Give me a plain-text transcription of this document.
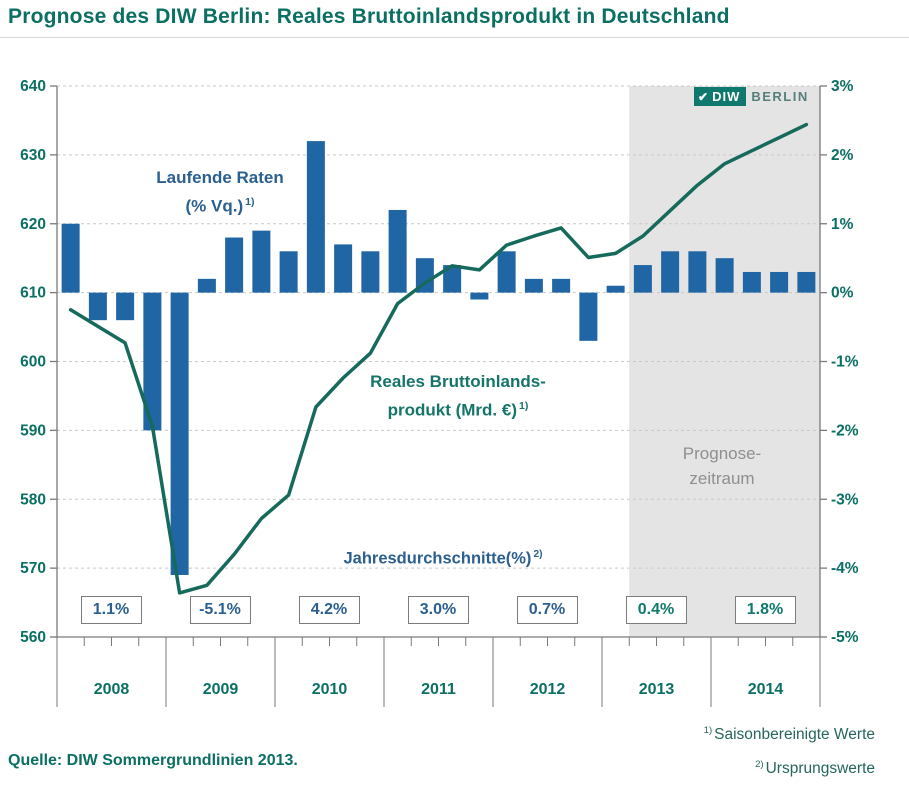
Prognose des DIW Berlin: Reales Bruttoinlandsprodukt in Deutschland
640
630
620
610
600
590
580
570
560
3%
2%
1%
0%
-1%
-2%
-3%
-4%
-5%
2008	2009	2010	2011	2012	2013	2014
✔ DIW BERLIN
Laufende Raten
(% Vq.) $^{1)}$
Reales Bruttoinlands-
produkt (Mrd. €) $^{1)}$
Jahresdurchschnitte(%) $^{2)}$
Prognose-
zeitraum
1.1%	-5.1%	4.2%	3.0%	0.7%	0.4%	1.8%
Quelle: DIW Sommergrundlinien 2013.
$^{1)}$ Saisonbereinigte Werte
$^{2)}$ Ursprungswerte
